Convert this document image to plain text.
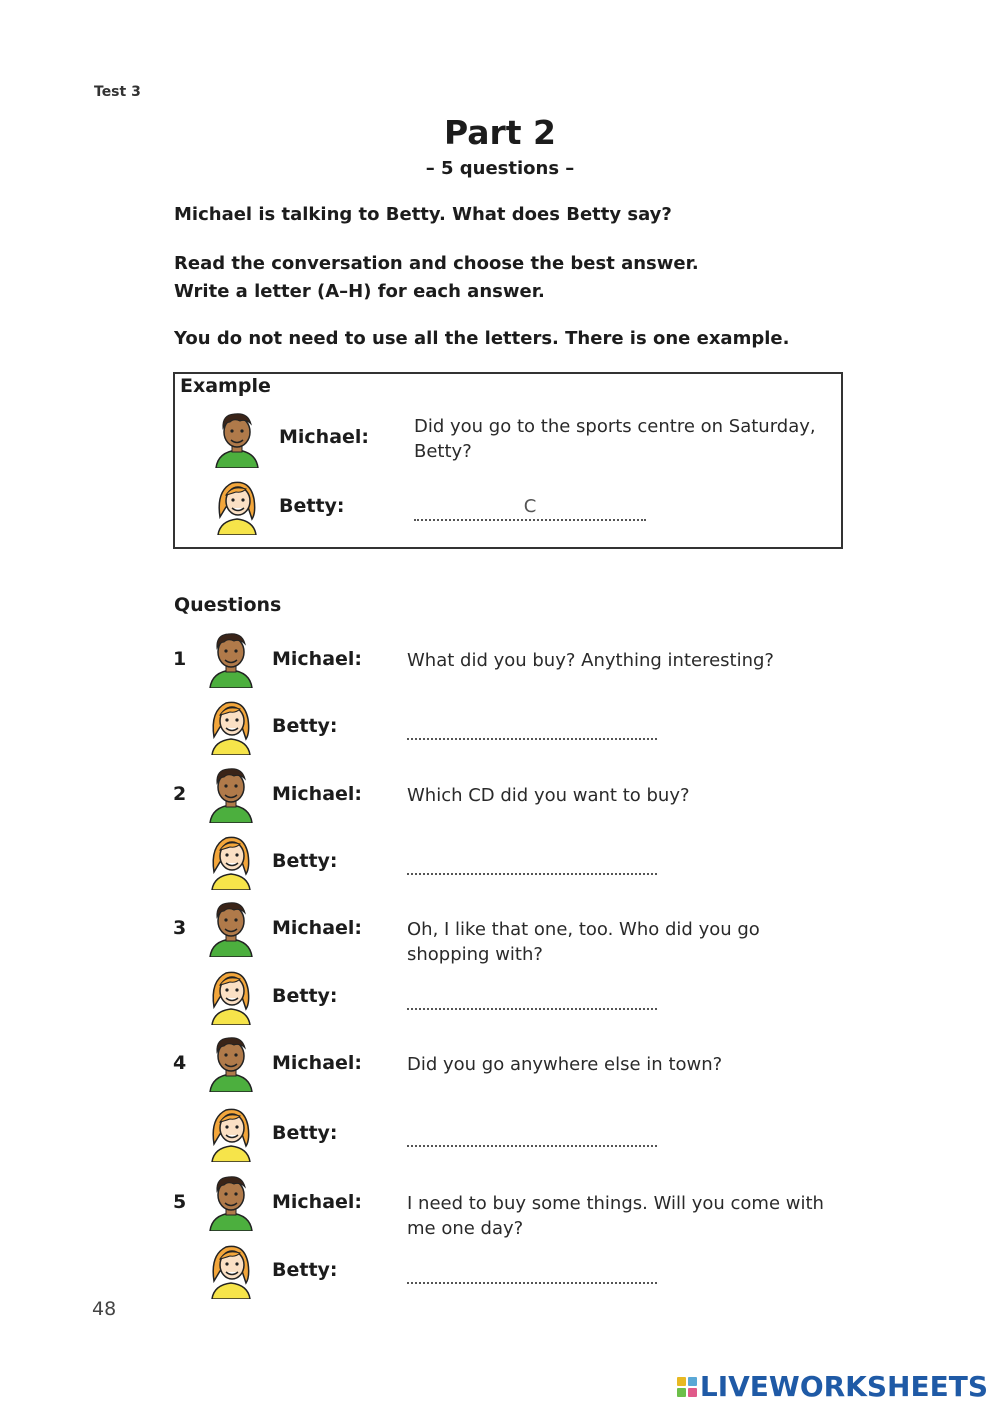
Test 3
Part 2
– 5 questions –
Michael is talking to Betty. What does Betty say?
Read the conversation and choose the best answer.
Write a letter (A–H) for each answer.
You do not need to use all the letters. There is one example.
Example
Michael: Did you go to the sports centre on Saturday,
Betty?
Betty:	C
Questions
1	Michael: What did you buy? Anything interesting?
Betty:
2	Michael: Which CD did you want to buy?
Betty:
3	Michael: Oh, I like that one, too. Who did you go
shopping with?
Betty:
4	Michael: Did you go anywhere else in town?
Betty:
5	Michael: I need to buy some things. Will you come with
me one day?
Betty:
48
LIVEWORKSHEETS
